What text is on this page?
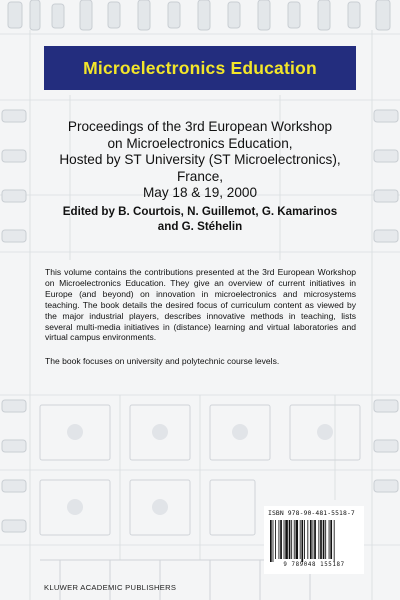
Microelectronics Education
Proceedings of the 3rd European Workshop
on Microelectronics Education,
Hosted by ST University (ST Microelectronics), France,
May 18 & 19, 2000
Edited by B. Courtois, N. Guillemot, G. Kamarinos
and G. Stéhelin
This volume contains the contributions presented at the 3rd European Workshop on Microelectronics Education. They give an overview of current initiatives in Europe (and beyond) on innovation in microelectronics and microsystems teaching. The book details the desired focus of curriculum content as viewed by the major industrial players, describes innovative methods in teaching, lists several multi-media initiatives in (distance) learning and virtual laboratories and virtual campus environments.
The book focuses on university and polytechnic course levels.
ISBN 978-90-481-5518-7
9 789048 155187
KLUWER ACADEMIC PUBLISHERS
